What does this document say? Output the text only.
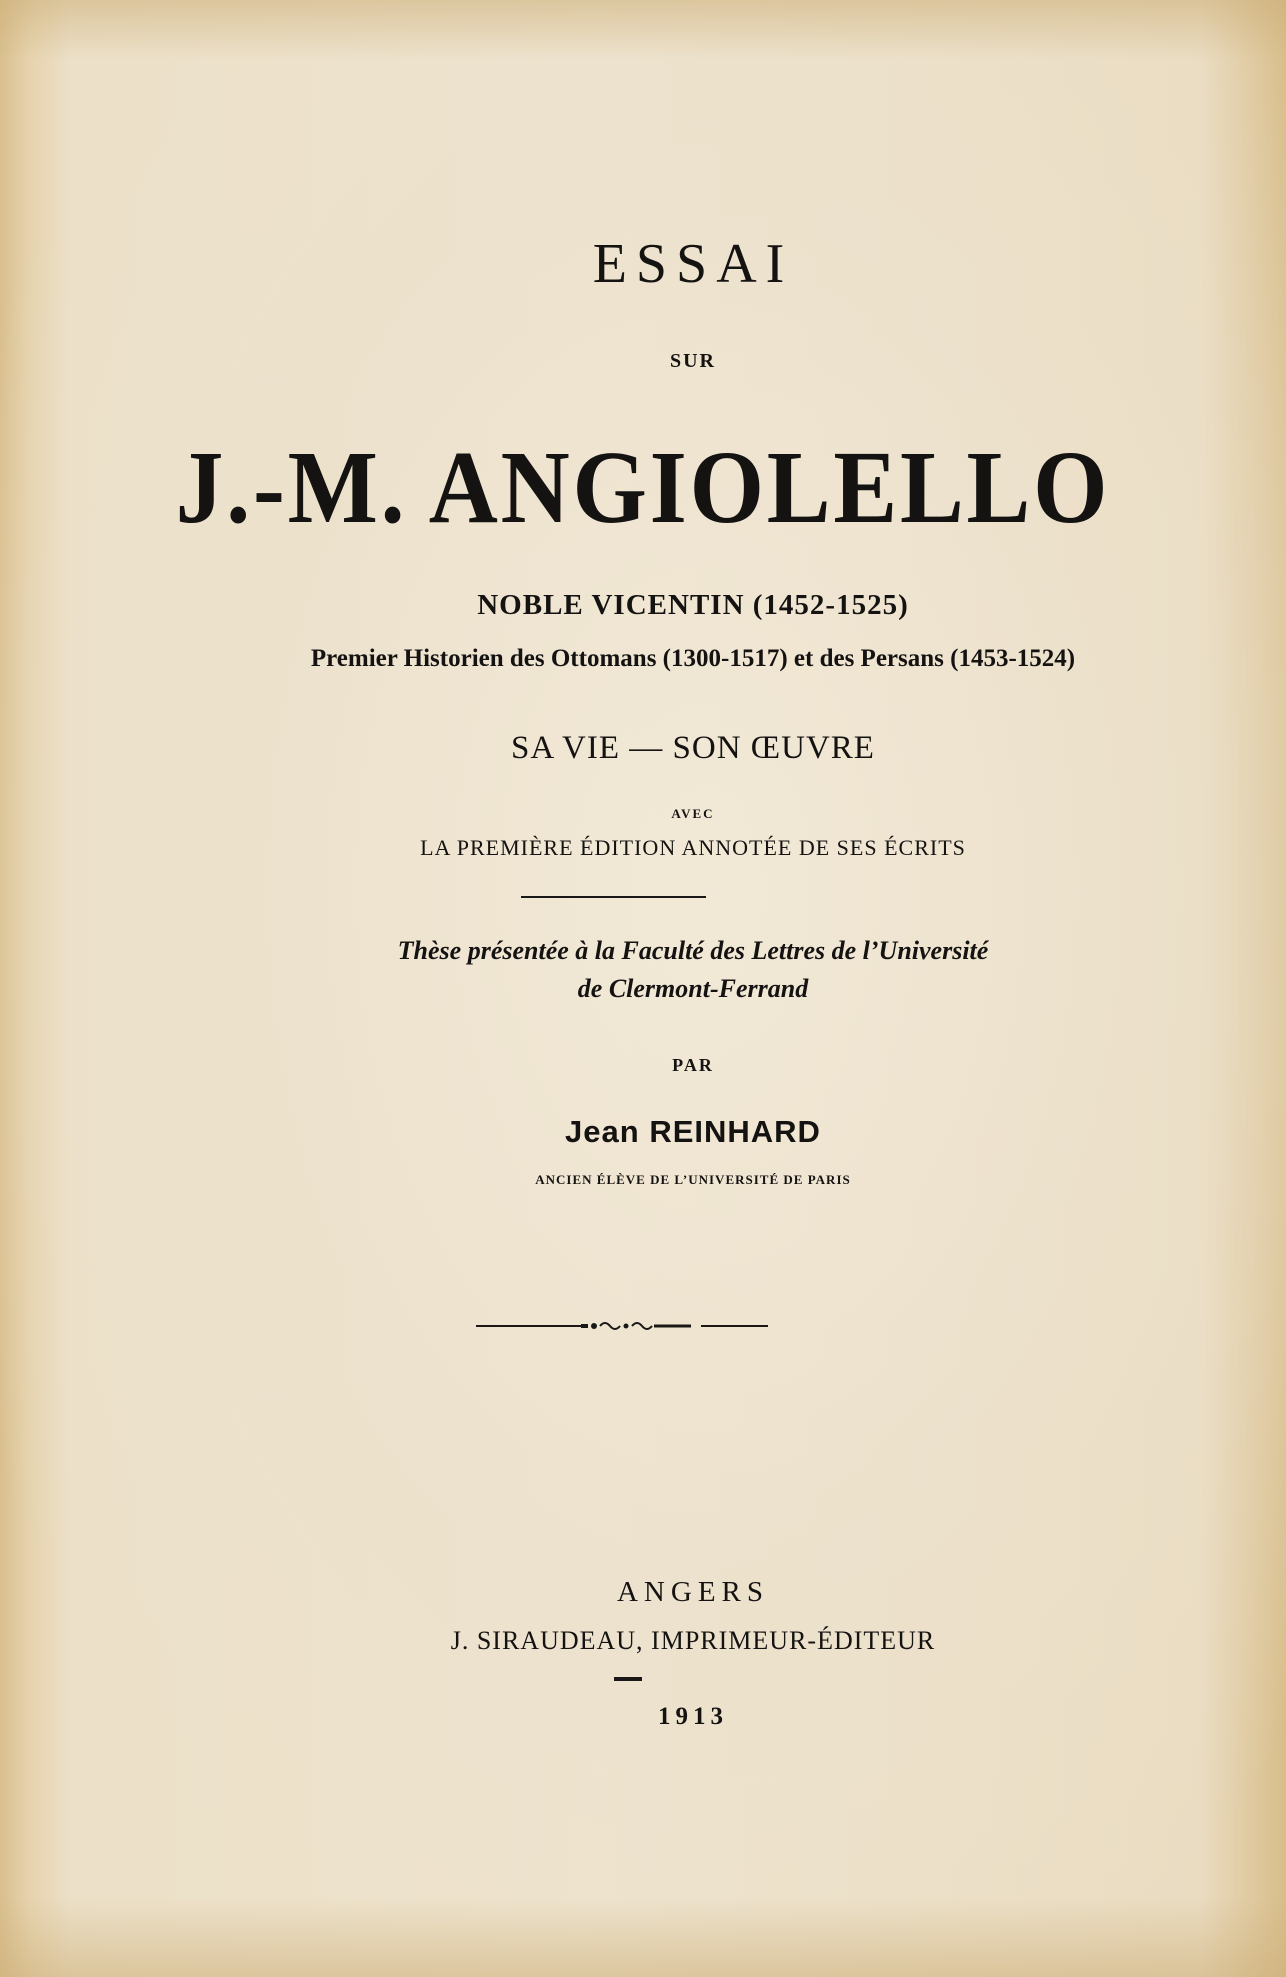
ESSAI
SUR
J.-M. ANGIOLELLO
NOBLE VICENTIN (1452-1525)
Premier Historien des Ottomans (1300-1517) et des Persans (1453-1524)
SA VIE — SON ŒUVRE
AVEC
LA PREMIÈRE ÉDITION ANNOTÉE DE SES ÉCRITS
Thèse présentée à la Faculté des Lettres de l’Université
de Clermont-Ferrand
PAR
Jean REINHARD
ANCIEN ÉLÈVE DE L’UNIVERSITÉ DE PARIS
ANGERS
J. SIRAUDEAU, IMPRIMEUR-ÉDITEUR
1913
